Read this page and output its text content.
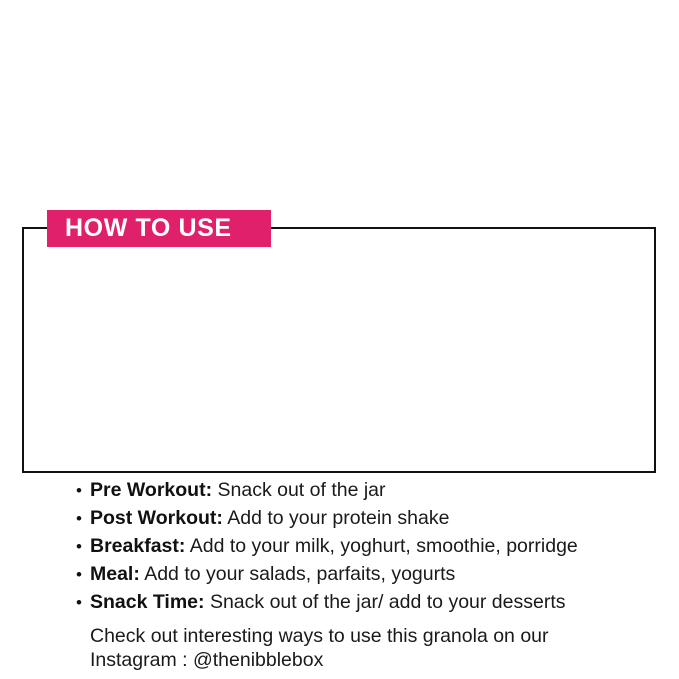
• Pre Workout: Snack out of the jar
• Post Workout: Add to your protein shake
• Breakfast: Add to your milk, yoghurt, smoothie, porridge
• Meal: Add to your salads, parfaits, yogurts
• Snack Time: Snack out of the jar/ add to your desserts
Check out interesting ways to use this granola on our
Instagram : @thenibblebox
HOW TO USE
